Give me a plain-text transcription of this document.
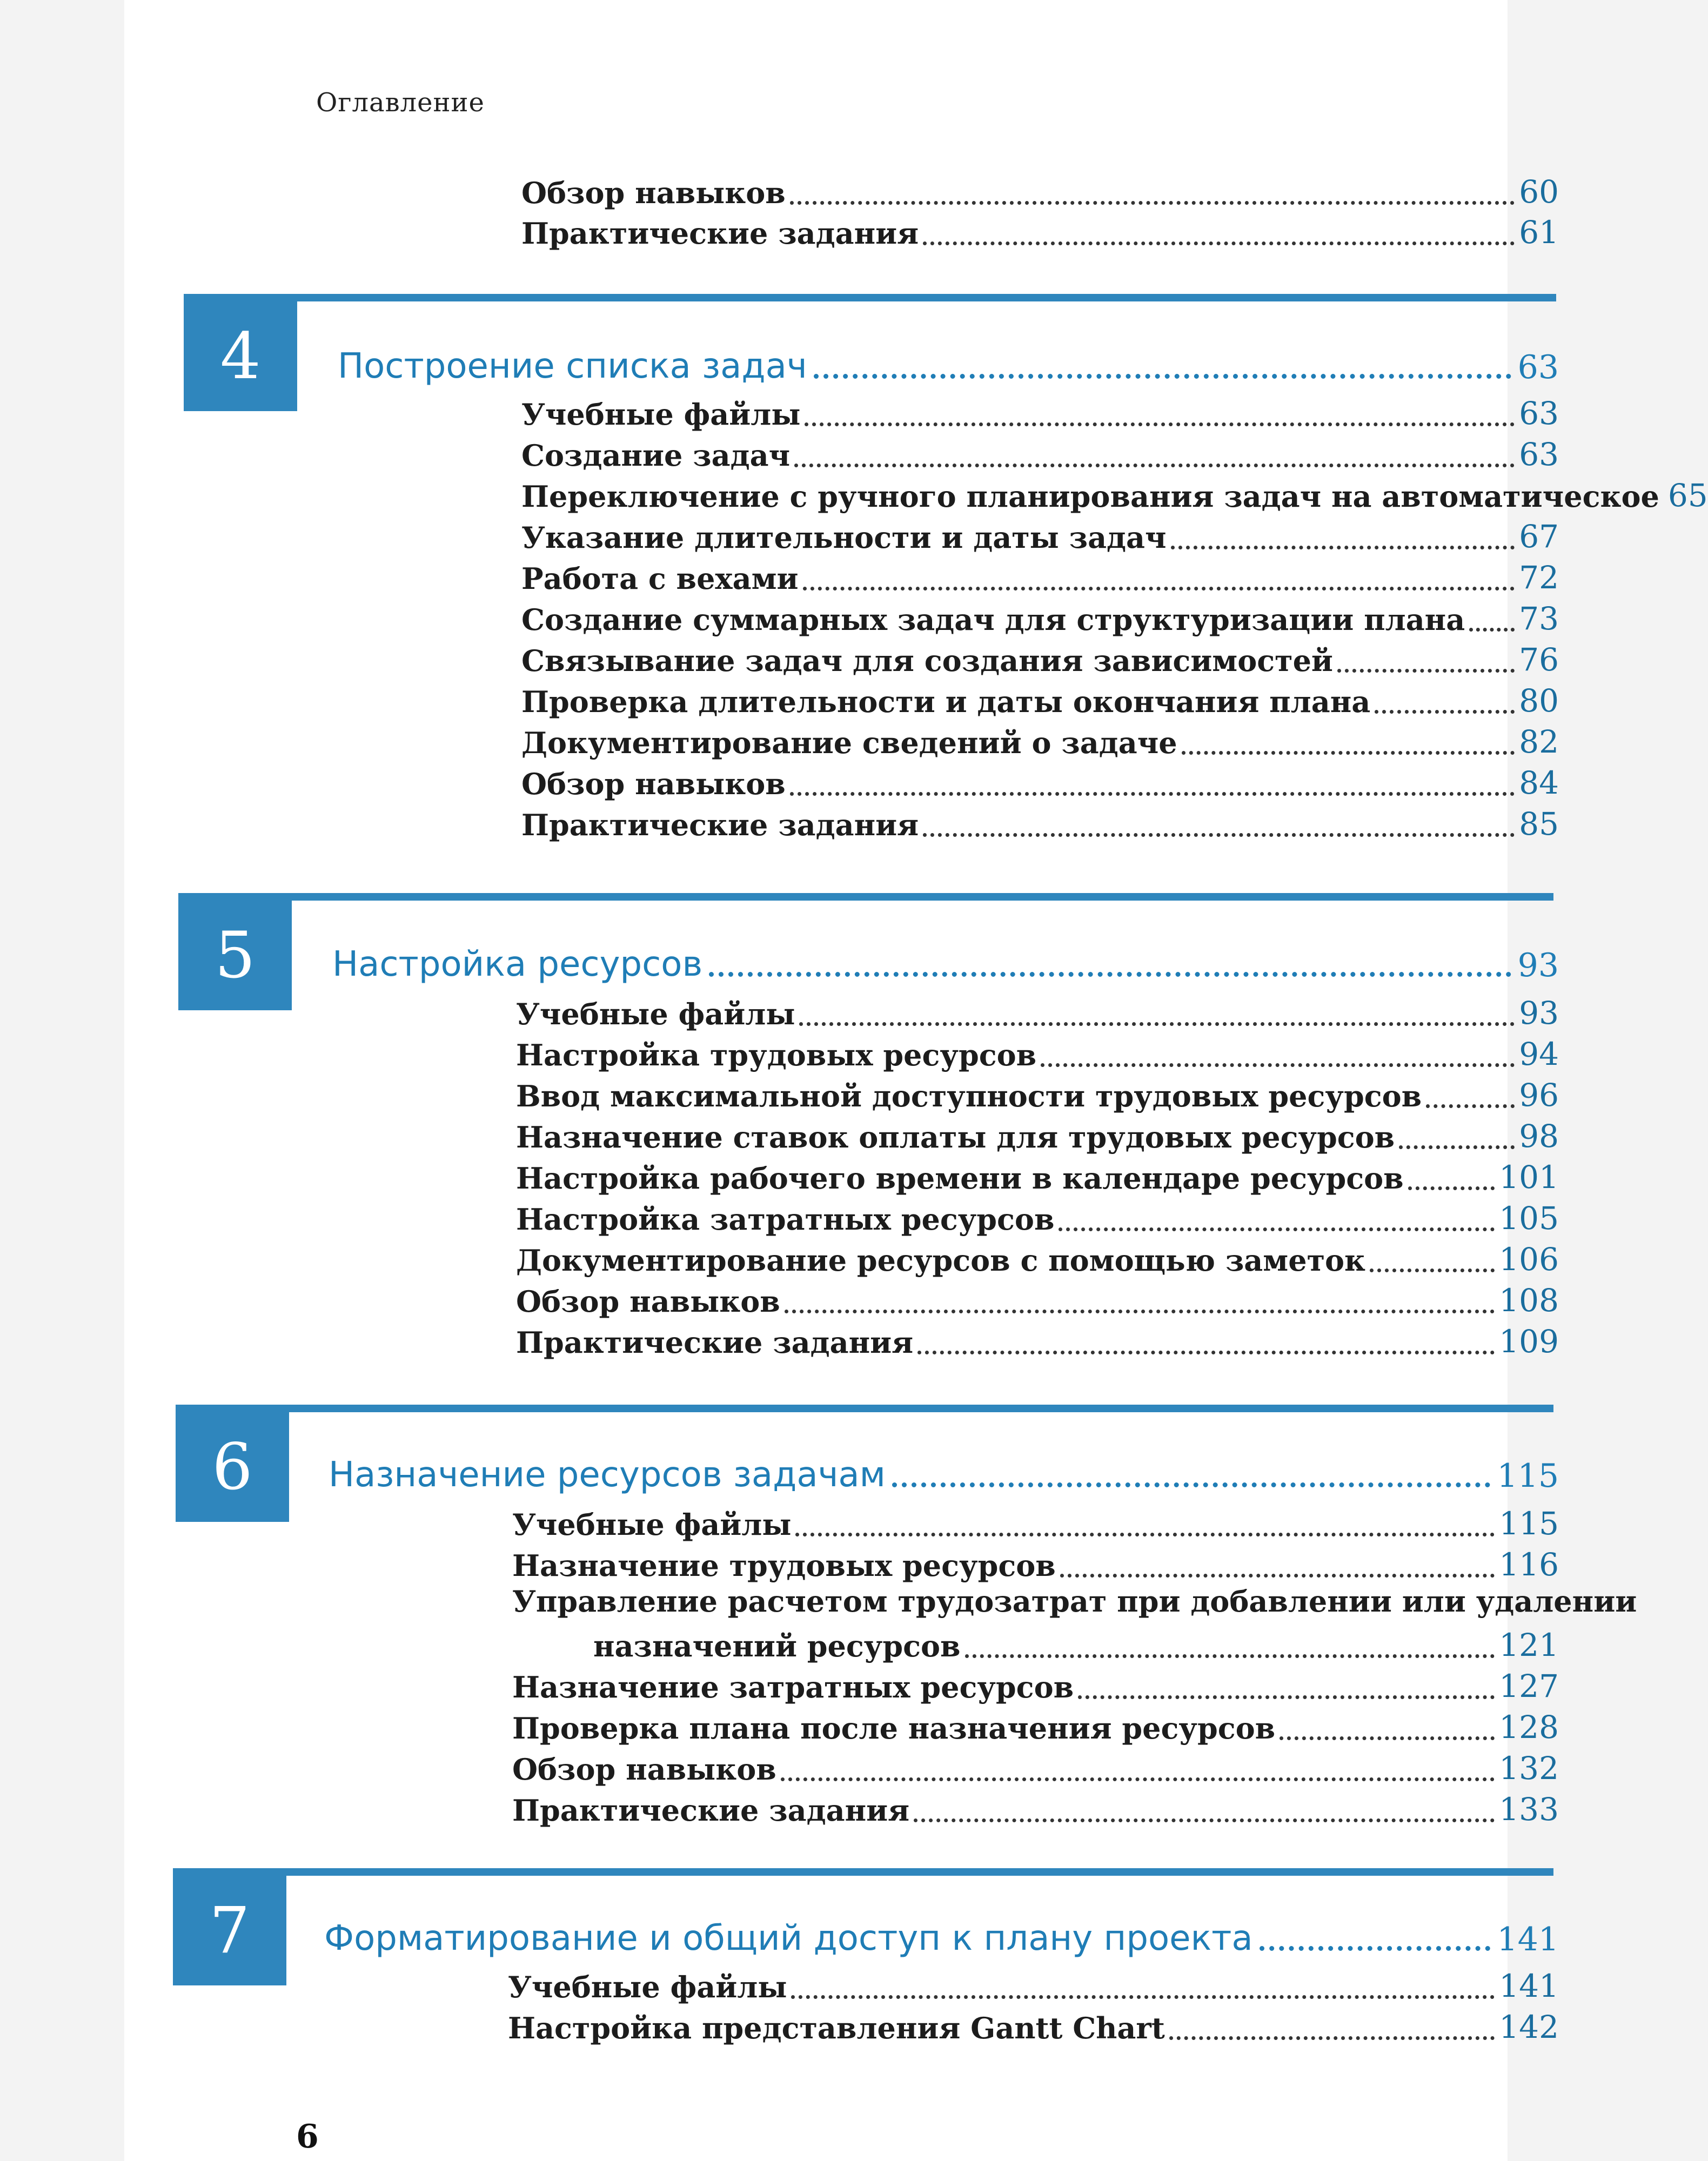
Оглавление
Обзор навыков	60
Практические задания	61
4	Построение списка задач	63
Учебные файлы	63
Создание задач	63
Переключение с ручного планирования задач на автоматическое 65
Указание длительности и даты задач	67
Работа с вехами	72
Создание суммарных задач для структуризации плана 73
Связывание задач для создания зависимостей	76
Проверка длительности и даты окончания плана	80
Документирование сведений о задаче	82
Обзор навыков	84
Практические задания	85
5	Настройка ресурсов	93
Учебные файлы	93
Настройка трудовых ресурсов	94
Ввод максимальной доступности трудовых ресурсов	96
Назначение ставок оплаты для трудовых ресурсов	98
Настройка рабочего времени в календаре ресурсов	101
Настройка затратных ресурсов	105
Документирование ресурсов с помощью заметок	106
Обзор навыков	108
Практические задания	109
6	Назначение ресурсов задачам	115
Учебные файлы	115
Назначение трудовых ресурсов	116
Управление расчетом трудозатрат при добавлении или удалении
назначений ресурсов	121
Назначение затратных ресурсов	127
Проверка плана после назначения ресурсов	128
Обзор навыков	132
Практические задания	133
7	Форматирование и общий доступ к плану проекта	141
Учебные файлы	141
Настройка представления Gantt Chart	142
6
